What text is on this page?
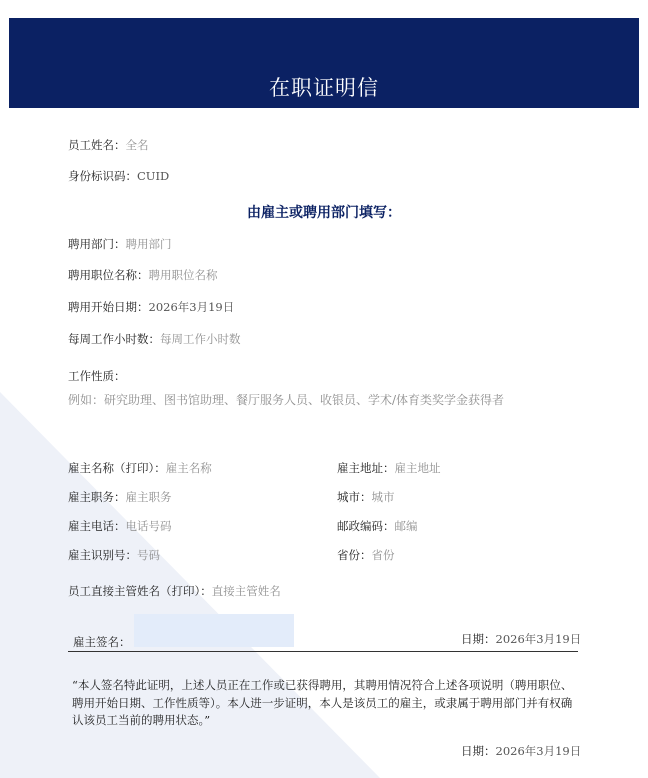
在职证明信
员工姓名：全名
身份标识码：CUID
由雇主或聘用部门填写：
聘用部门：聘用部门
聘用职位名称：聘用职位名称
聘用开始日期：2026年3月19日
每周工作小时数：每周工作小时数
工作性质：
例如：研究助理、图书馆助理、餐厅服务人员、收银员、学术/体育类奖学金获得者
雇主名称（打印）：雇主名称	雇主地址：雇主地址
雇主职务：雇主职务	城市：城市
雇主电话：电话号码	邮政编码：邮编
雇主识别号：号码	省份：省份
员工直接主管姓名（打印）：直接主管姓名
雇主签名：	日期：2026年3月19日
“本人签名特此证明，上述人员正在工作或已获得聘用，其聘用情况符合上述各项说明（聘用职位、聘用开始日期、工作性质等）。本人进一步证明，本人是该员工的雇主，或隶属于聘用部门并有权确认该员工当前的聘用状态。”
日期：2026年3月19日
